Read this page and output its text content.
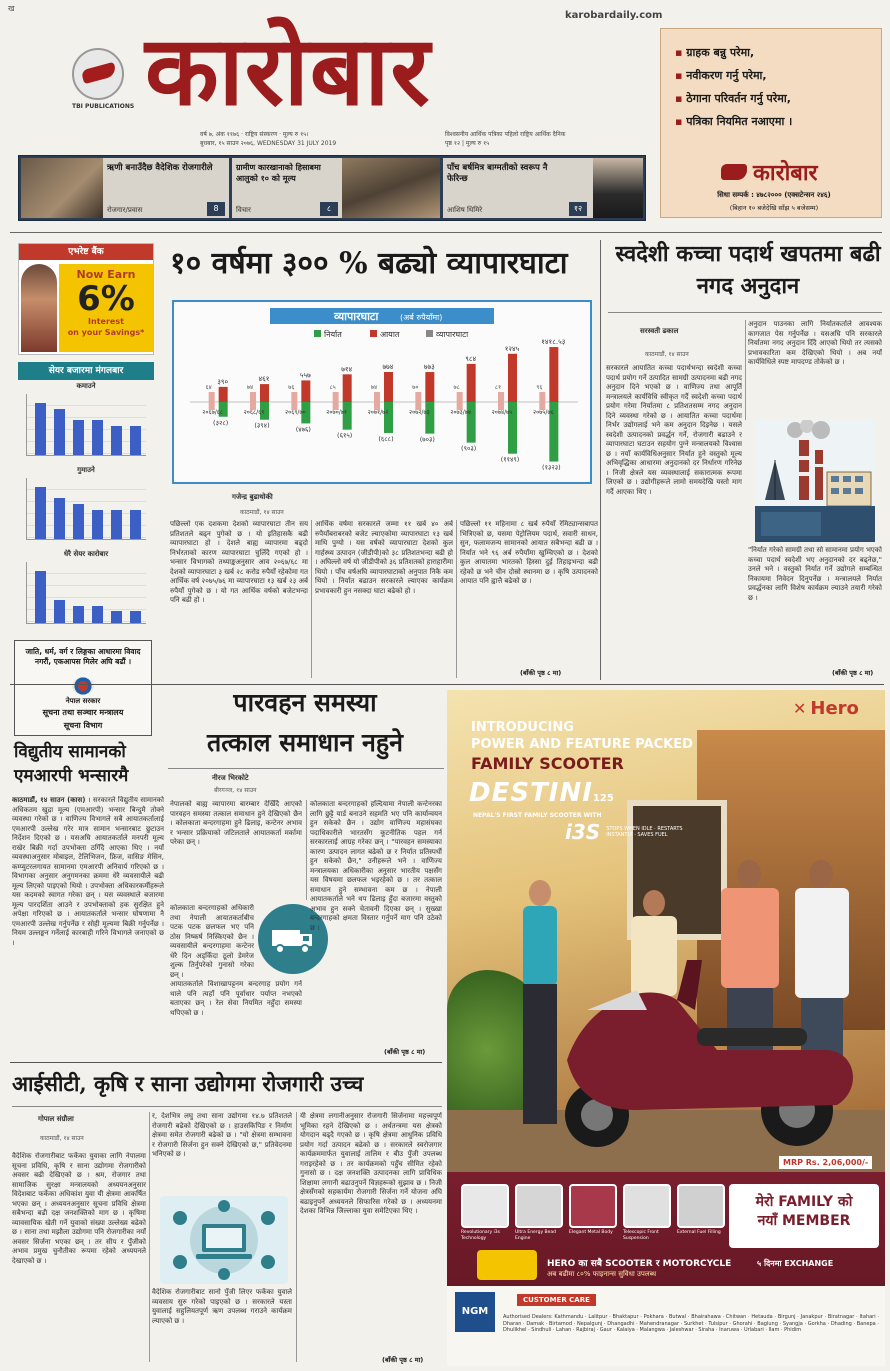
ख
karobardaily.com
TBI PUBLICATIONS कारोबार
वर्ष ७, अंक ११७६ · राष्ट्रिय संस्करण · मूल्य रु १५।
बुधबार, १५ साउन २०७६, WEDNESDAY 31 JULY 2019
विश्वसनीय आर्थिक पत्रिका पहिलो राष्ट्रिय आर्थिक दैनिक
पृष्ठ १२ | मूल्य रु १५
▪ ग्राहक बन्नु परेमा,
▪ नवीकरण गर्नु परेमा,
▪ ठेगाना परिवर्तन गर्नु परेमा,
▪ पत्रिका नियमित नआएमा ।
कारोबार
सिधा सम्पर्क : ४७८२००० (एक्सटेन्सन २४६)
(बिहान १० बजेदेखि साँझ ५ बजेसम्म)
ऋणी बनाउँदैछ वैदेशिक रोजगारीले
रोजगार/प्रवास	8
ग्रामीण कारखानाको हिसाबमा आलुको १० को मूल्य
विचार	८
पाँच बर्षमित्र बाग्मतीको स्वरूप नै फेरिन्छ
आशिष थिमिरे	१२
एभरेष्ट बैंक
Now Earn
6%
Interest
on your Savings*
सेयर बजारमा मंगलबार
कमाउने
गुमाउने
धेरै सेयर कारोबार
जाति, धर्म, वर्ग र लिङ्गका आधारमा विवाद नगरौं, एकआपस मिलेर अघि बढौं ।
नेपाल सरकार
सूचना तथा सञ्चार मन्त्रालय
सूचना विभाग
१० वर्षमा ३०० % बढ्यो व्यापारघाटा
व्यापारघाटा	(अर्ब रुपैयाँमा)
निर्यात	आयात	व्यापारघाटा
३९०
६४
२०६७/६८
(३२८)
४६१
७४
२०६८/६९
(३९४)
५५७
७६
२०६९/७०
(४७६)
७१४
८५
२०७०/७१
(६१५)
७७४
७४
२०७१/७२
(६८८)
७७३
७०
२०७२/७३
(७०३)
९८४
७८
२०७३/७४
(९०३)
१२४५
८१
२०७४/७५
(११४९)
१४१८.५३
९६
२०७५/७६
(१३२३)
गजेन्द्र बुढाथोकी
काठमाडौं, १४ साउन
पछिल्लो एक दशकमा देशको व्यापारघाटा तीन सय प्रतिशतले बढ्न पुगेको छ । यो इतिहासकै बढी व्यापारघाटा हो । देशले बाह्य व्यापारमा बढ्दो निर्भरताको कारण व्यापारघाटा चुलिँदै गएको हो । भन्सार विभागको तथ्याङ्कअनुसार आव २०६७/६८ मा देशको व्यापारघाटा ३ खर्ब २८ करोड रुपैयाँ रहेकोमा गत आर्थिक वर्ष २०७५/७६ मा व्यापारघाटा १३ खर्ब २३ अर्ब रुपैयाँ पुगेको छ । यो गत आर्थिक वर्षको बजेटभन्दा पनि बढी हो ।
आर्थिक वर्षमा सरकारले जम्मा ११ खर्ब ४० अर्ब रुपैयाँबराबरको बजेट ल्याएकोमा व्यापारघाटा १३ खर्ब माथि पुग्यो । यस वर्षको व्यापारघाटा देशको कुल गार्हस्थ्य उत्पादन (जीडीपी)को ३८ प्रतिशतभन्दा बढी हो । अघिल्लो वर्ष यो जीडीपीको ३६ प्रतिशतको हाराहारीमा थियो । पाँच वर्षअघि व्यापारघाटाको अनुपात निकै कम थियो । निर्यात बढाउन सरकारले ल्याएका कार्यक्रम प्रभावकारी हुन नसक्दा घाटा बढेको हो ।
पछिल्लो ११ महिनामा ८ खर्ब रुपैयाँ रेमिट्यान्सबापत भित्रिएको छ, यसमा पेट्रोलियम पदार्थ, सवारी साधन, सुन, फलामजन्य सामानको आयात सबैभन्दा बढी छ । निर्यात भने ९६ अर्ब रुपैयाँमा खुम्चिएको छ । देशको कुल आयातमा भारतको हिस्सा दुई तिहाइभन्दा बढी रहेको छ भने चीन दोस्रो स्थानमा छ । कृषि उत्पादनको आयात पनि ह्वात्तै बढेको छ ।
(बाँकी पृष्ठ ८ मा)
स्वदेशी कच्चा पदार्थ खपतमा बढी नगद अनुदान
सरस्वती ढकाल
काठमाडौं, १४ साउन
सरकारले आयातित कच्चा पदार्थभन्दा स्वदेशी कच्चा पदार्थ प्रयोग गर्ने उत्पादित सामग्री उत्पादनमा बढी नगद अनुदान दिने भएको छ । वाणिज्य तथा आपूर्ति मन्त्रालयले कार्यविधि स्वीकृत गर्दै स्वदेशी कच्चा पदार्थ प्रयोग गरेमा निर्यातमा ८ प्रतिशतसम्म नगद अनुदान दिने व्यवस्था गरेको छ । आयातित कच्चा पदार्थमा निर्भर उद्योगलाई भने कम अनुदान दिइनेछ । यसले स्वदेशी उत्पादनको प्रवर्द्धन गर्ने, रोजगारी बढाउने र व्यापारघाटा घटाउन सहयोग पुग्ने मन्त्रालयको विश्वास छ । नयाँ कार्यविधिअनुसार निर्यात हुने वस्तुको मूल्य अभिवृद्धिका आधारमा अनुदानको दर निर्धारण गरिनेछ । निजी क्षेत्रले यस व्यवस्थालाई सकारात्मक रूपमा लिएको छ । उद्योगीहरूले लामो समयदेखि यस्तो माग गर्दै आएका थिए ।
अनुदान पाउनका लागि निर्यातकर्ताले आवश्यक कागजात पेस गर्नुपर्नेछ । यसअघि पनि सरकारले निर्यातमा नगद अनुदान दिँदै आएको थियो तर त्यसको प्रभावकारिता कम देखिएको थियो । अब नयाँ कार्यविधिले स्पष्ट मापदण्ड तोकेको छ ।
"निर्यात गरेको सामग्री तथा सो सामानमा प्रयोग भएको कच्चा पदार्थ स्वदेशी भए अनुदानको दर बढ्नेछ," उनले भने । वस्तुको निर्यात गर्ने उद्योगले सम्बन्धित निकायमा निवेदन दिनुपर्नेछ । मन्त्रालयले निर्यात प्रवर्द्धनका लागि विशेष कार्यक्रम ल्याउने तयारी गरेको छ ।
(बाँकी पृष्ठ ८ मा)
विद्युतीय सामानको एमआरपी भन्सारमै
काठमाडौं, १४ साउन (कास) । सरकारले विद्युतीय सामानको अधिकतम खुद्रा मूल्य (एमआरपी) भन्सार बिन्दुमै तोक्ने व्यवस्था गरेको छ । वाणिज्य विभागले सबै आयातकर्तालाई एमआरपी उल्लेख गरेर मात्र सामान भन्सारबाट छुटाउन निर्देशन दिएको छ । यसअघि आयातकर्ताले मनपरी मूल्य राखेर बिक्री गर्दा उपभोक्ता ठगिँदै आएका थिए । नयाँ व्यवस्थाअनुसार मोबाइल, टेलिभिजन, फ्रिज, वासिङ मेसिन, कम्प्युटरलगायत सामानमा एमआरपी अनिवार्य गरिएको छ । विभागका अनुसार अनुगमनका क्रममा धेरै व्यवसायीले बढी मूल्य लिएको पाइएको थियो । उपभोक्ता अधिकारकर्मीहरूले यस कदमको स्वागत गरेका छन् । यस व्यवस्थाले बजारमा मूल्य पारदर्शिता आउने र उपभोक्ताको हक सुरक्षित हुने अपेक्षा गरिएको छ । आयातकर्ताले भन्सार घोषणामा नै एमआरपी उल्लेख गर्नुपर्नेछ र सोही मूल्यमा बिक्री गर्नुपर्नेछ । नियम उल्लङ्घन गर्नेलाई कारबाही गरिने विभागले जनाएको छ ।
पारवहन समस्या
तत्काल समाधान नहुने
नीरज भिरकोटे
बीरगञ्ज, १४ साउन
नेपालको बाह्य व्यापारमा बारम्बार देखिँदै आएको पारवहन समस्या तत्काल समाधान हुने देखिएको छैन । कोलकाता बन्दरगाहमा हुने ढिलाइ, कन्टेनर अभाव र भन्सार प्रक्रियाको जटिलताले आयातकर्ता मर्कामा परेका छन् ।
कोलकाता बन्दरगाहको अधिकारी तथा नेपाली आयातकर्ताबीच पटक पटक छलफल भए पनि ठोस निष्कर्ष निस्किएको छैन । व्यवसायीले बन्दरगाहमा कन्टेनर धेरै दिन अड्किँदा ठूलो डेमरेज शुल्क तिर्नुपरेको गुनासो गरेका छन् ।
आयातकर्ताले विशाखापट्टनम बन्दरगाह प्रयोग गर्न थाले पनि त्यहाँ पनि पूर्वाधार पर्याप्त नभएको बताएका छन् । रेल सेवा नियमित नहुँदा समस्या थपिएको छ ।
कोलकाता बन्दरगाहको हल्दियामा नेपाली कन्टेनरका लागि छुट्टै यार्ड बनाउने सहमति भए पनि कार्यान्वयन हुन सकेको छैन । उद्योग वाणिज्य महासंघका पदाधिकारीले भारतसँग कूटनीतिक पहल गर्न सरकारलाई आग्रह गरेका छन् । "पारवहन समस्याका कारण उत्पादन लागत बढेको छ र निर्यात प्रतिस्पर्धी हुन सकेको छैन," उनीहरूले भने । वाणिज्य मन्त्रालयका अधिकारीका अनुसार भारतीय पक्षसँग यस विषयमा छलफल भइरहेको छ । तर तत्काल समाधान हुने सम्भावना कम छ । नेपाली आयातकर्ताले भने थप ढिलाइ हुँदा बजारमा वस्तुको अभाव हुन सक्ने चेतावनी दिएका छन् । सुख्खा बन्दरगाहको क्षमता विस्तार गर्नुपर्ने माग पनि उठेको छ ।
(बाँकी पृष्ठ ८ मा)
आईसीटी, कृषि र साना उद्योगमा रोजगारी उच्च
गोपाल संग्रौला
काठमाडौं, १४ साउन
वैदेशिक रोजगारीबाट फर्केका युवाका लागि नेपालमा सूचना प्रविधि, कृषि र साना उद्योगमा रोजगारीको अवसर बढी देखिएको छ । श्रम, रोजगार तथा सामाजिक सुरक्षा मन्त्रालयको अध्ययनअनुसार विदेशबाट फर्केका अधिकांश युवा यी क्षेत्रमा आकर्षित भएका छन् । अध्ययनअनुसार सूचना प्रविधि क्षेत्रमा सबैभन्दा बढी दक्ष जनशक्तिको माग छ । कृषिमा व्यावसायिक खेती गर्ने युवाको संख्या उल्लेख्य बढेको छ । साना तथा मझौला उद्योगमा पनि रोजगारीका नयाँ अवसर सिर्जना भएका छन् । तर सीप र पुँजीको अभाव प्रमुख चुनौतीका रूपमा रहेको अध्ययनले देखाएको छ ।
र, देशभित्र लघु तथा साना उद्योगमा १४.७ प्रतिशतले रोजगारी बढेको देखिएको छ । हाउसकिपिङ र निर्माण क्षेत्रमा समेत रोजगारी बढेको छ । "यो क्षेत्रमा सम्भावना र रोजगारी सिर्जना हुन सक्ने देखिएको छ," प्रतिवेदनमा भनिएको छ ।
वैदेशिक रोजगारीबाट सानो पुँजी लिएर फर्केका युवाले व्यवसाय सुरु गरेको पाइएको छ । सरकारले यस्ता युवालाई सहुलियतपूर्ण ऋण उपलब्ध गराउने कार्यक्रम ल्याएको छ ।
यी क्षेत्रमा लगानीअनुसार रोजगारी सिर्जनामा महत्त्वपूर्ण भूमिका रहने देखिएको छ । अर्थतन्त्रमा यस क्षेत्रको योगदान बढ्दै गएको छ । कृषि क्षेत्रमा आधुनिक प्रविधि प्रयोग गर्दा उत्पादन बढेको छ । सरकारले स्वरोजगार कार्यक्रममार्फत युवालाई तालिम र बीउ पुँजी उपलब्ध गराइरहेको छ । तर कार्यक्रमको पहुँच सीमित रहेको गुनासो छ । दक्ष जनशक्ति उत्पादनका लागि प्राविधिक शिक्षामा लगानी बढाउनुपर्ने विज्ञहरूको सुझाव छ । निजी क्षेत्रसँगको सहकार्यमा रोजगारी सिर्जना गर्ने योजना अघि बढाइनुपर्ने अध्ययनले सिफारिस गरेको छ । अध्ययनमा देशका विभिन्न जिल्लाका युवा समेटिएका थिए ।
(बाँकी पृष्ठ ८ मा)
✕ Hero
INTRODUCING
POWER AND FEATURE PACKED
FAMILY SCOOTER
DESTINI125
NEPAL'S FIRST FAMILY SCOOTER WITH
i3S STOPS WHEN IDLE · RESTARTS INSTANTLY · SAVES FUEL
MRP Rs. 2,06,000/-
Revolutionary i3s Technology
Ultra Energy Bead Engine
Elegant Metal Body	Telescopic Front Suspension
External Fuel Filling
मेरो FAMILY को
नयाँ MEMBER
HERO का सबै SCOOTER र MOTORCYCLE
अब बढीमा ८०% फाइनान्स सुविधा उपलब्ध
५ दिनमा EXCHANGE
NGM
CUSTOMER CARE
Authorised Dealers: Kathmandu · Lalitpur · Bhaktapur · Pokhara · Butwal · Bhairahawa · Chitwan · Hetauda · Birgunj · Janakpur · Biratnagar · Itahari · Dharan · Damak · Birtamod · Nepalgunj · Dhangadhi · Mahendranagar · Surkhet · Tulsipur · Ghorahi · Baglung · Syangja · Gorkha · Dhading · Banepa · Dhulikhel · Sindhuli · Lahan · Rajbiraj · Gaur · Kalaiya · Malangwa · Jaleshwar · Siraha · Inaruwa · Urlabari · Ilam · Phidim
